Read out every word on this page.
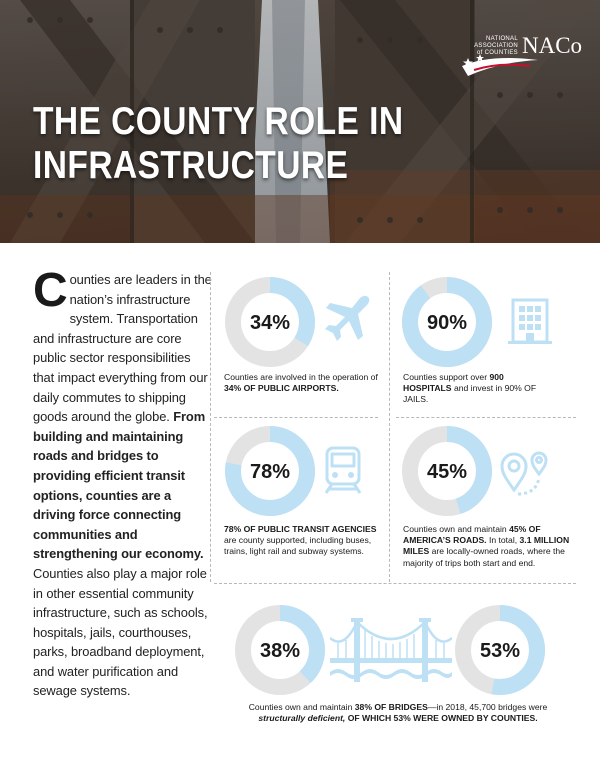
NATIONAL
ASSOCIATION
of COUNTIES NACo
THE COUNTY ROLE IN
INFRASTRUCTURE
Counties are leaders in the nation’s infrastructure system. Transportation and infrastructure are core public sector responsibilities that impact everything from our daily commutes to shipping goods around the globe. From building and maintaining roads and bridges to providing efficient transit options, counties are a driving force connecting communities and strengthening our economy. Counties also play a major role in other essential community infrastructure, such as schools, hospitals, jails, courthouses, parks, broadband deployment, and water purification and sewage systems.
34%	90%
78%	45%
38%	53%
Counties are involved in the operation of 34% OF PUBLIC AIRPORTS.
Counties support over 900 HOSPITALS and invest in 90% OF JAILS.
78% OF PUBLIC TRANSIT AGENCIES are county supported, including buses, trains, light rail and subway systems.
Counties own and maintain 45% OF AMERICA’S ROADS. In total, 3.1 MILLION MILES are locally-owned roads, where the majority of trips both start and end.
Counties own and maintain 38% OF BRIDGES—in 2018, 45,700 bridges were structurally deficient, OF WHICH 53% WERE OWNED BY COUNTIES.
